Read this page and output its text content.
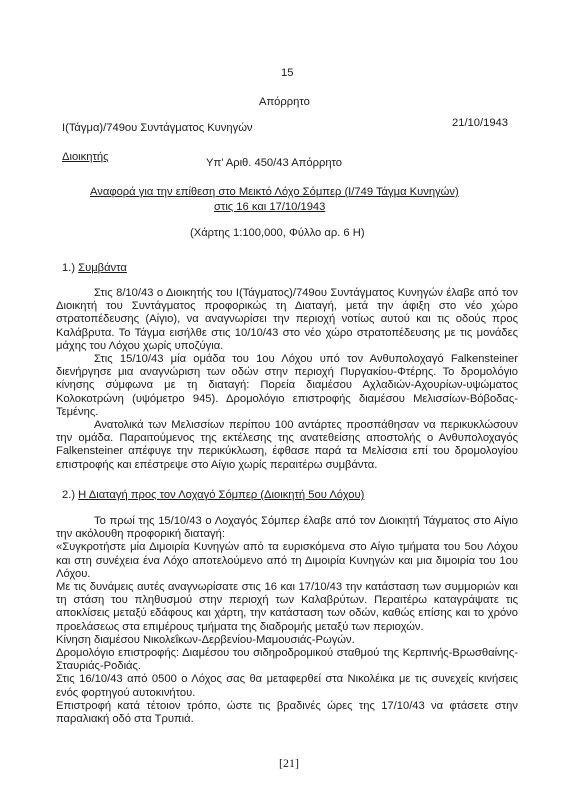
15
Απόρρητο
Ι(Τάγμα)/749ου Συντάγματος Κυνηγών	21/10/1943
Διοικητής	Υπ’ Αριθ. 450/43 Απόρρητο
Αναφορά για την επίθεση στο Μεικτό Λόχο Σόμπερ (Ι/749 Τάγμα Κυνηγών)
στις 16 και 17/10/1943
(Χάρτης 1:100,000, Φύλλο αρ. 6 Η)
1.) Συμβάντα

Στις 8/10/43 ο Διοικητής του Ι(Τάγματος)/749ου Συντάγματος Κυνηγών έλαβε από τον Διοικητή του Συντάγματος προφορικώς τη Διαταγή, μετά την άφιξη στο νέο χώρο στρατοπέδευσης (Αίγιο), να αναγνωρίσει την περιοχή νοτίως αυτού και τις οδούς προς Καλάβρυτα. Το Τάγμα εισήλθε στις 10/10/43 στο νέο χώρο στρατοπέδευσης με τις μονάδες μάχης του Λόχου χωρίς υποζύγια.

Στις 15/10/43 μία ομάδα του 1ου Λόχου υπό τον Ανθυπολοχαγό Falkensteiner διενήργησε μια αναγνώριση των οδών στην περιοχή Πυργακίου-Φτέρης. Το δρομολόγιο κίνησης σύμφωνα με τη διαταγή: Πορεία διαμέσου Αχλαδιών-Αχουρίων-υψώματος Κολοκοτρώνη (υψόμετρο 945). Δρομολόγιο επιστροφής διαμέσου Μελισσίων-Βόβοδας-Τεμένης.

Ανατολικά των Μελισσίων περίπου 100 αντάρτες προσπάθησαν να περικυκλώσουν την ομάδα. Παραιτούμενος της εκτέλεσης της ανατεθείσης αποστολής ο Ανθυπολοχαγός Falkensteiner απέφυγε την περικύκλωση, έφθασε παρά τα Μελίσσια επί του δρομολογίου επιστροφής και επέστρεψε στο Αίγιο χωρίς περαιτέρω συμβάντα.

2.) Η Διαταγή προς τον Λοχαγό Σόμπερ (Διοικητή 5ου Λόχου)

Το πρωί της 15/10/43 ο Λοχαγός Σόμπερ έλαβε από τον Διοικητή Τάγματος στο Αίγιο την ακόλουθη προφορική διαταγή:

«Συγκροτήστε μία Διμοιρία Κυνηγών από τα ευρισκόμενα στο Αίγιο τμήματα του 5ου Λόχου και στη συνέχεια ένα Λόχο αποτελούμενο από τη Διμοιρία Κυνηγών και μια διμοιρία του 1ου Λόχου.

Με τις δυνάμεις αυτές αναγνωρίσατε στις 16 και 17/10/43 την κατάσταση των συμμοριών και τη στάση του πληθυσμού στην περιοχή των Καλαβρύτων. Περαιτέρω καταγράψατε τις αποκλίσεις μεταξύ εδάφους και χάρτη, την κατάσταση των οδών, καθώς επίσης και το χρόνο προελάσεως στα επιμέρους τμήματα της διαδρομής μεταξύ των περιοχών.

Κίνηση διαμέσου Νικολεΐκων-Δερβενίου-Μαμουσιάς-Ρωγών.

Δρομολόγιο επιστροφής: Διαμέσου του σιδηροδρομικού σταθμού της Κερπινής-Βρωσθαίνης-Σταυριάς-Ροδιάς.

Στις 16/10/43 από 0500 ο Λόχος σας θα μεταφερθεί στα Νικολέικα με τις συνεχείς κινήσεις ενός φορτηγού αυτοκινήτου.

Επιστροφή κατά τέτοιον τρόπο, ώστε τις βραδινές ώρες της 17/10/43 να φτάσετε στην παραλιακή οδό στα Τρυπιά.

[21]
